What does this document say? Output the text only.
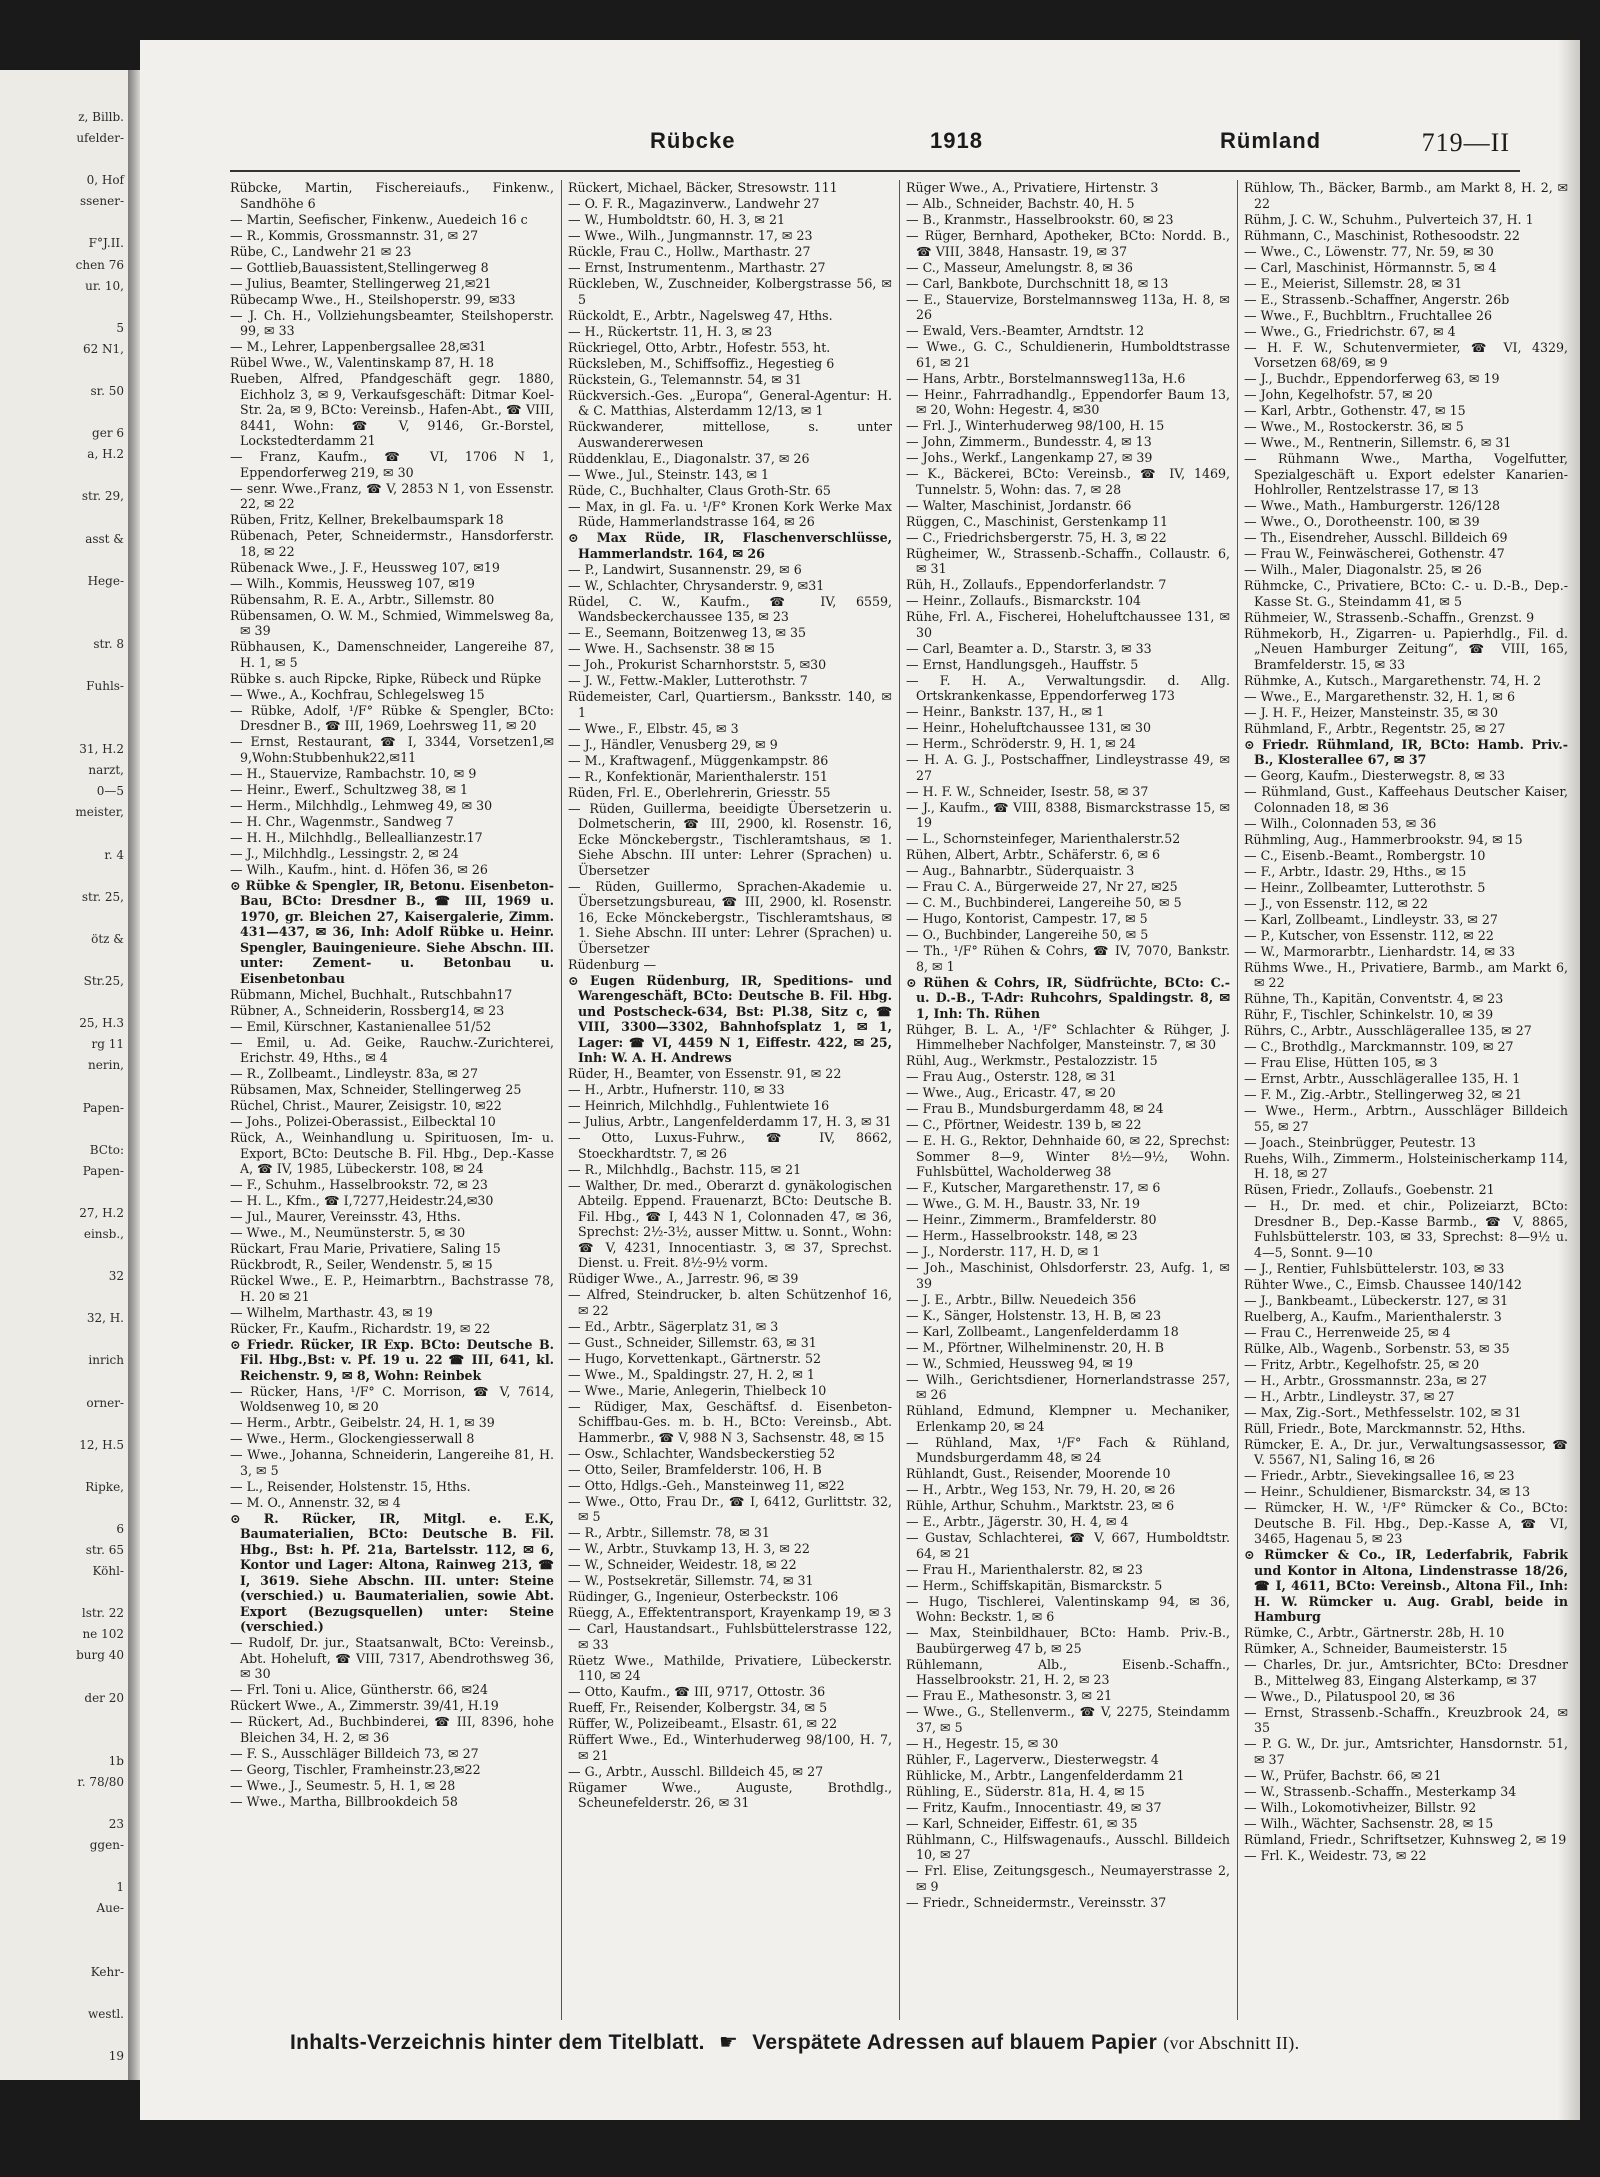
z, Billb.
ufelder-
0, Hof
ssener-
F°J.II.
chen 76
ur. 10,
5
62 N1,
sr. 50
ger 6
a, H.2
str. 29,
asst &
Hege-
str. 8
Fuhls-
31, H.2
narzt,
0—5
meister,
r. 4
str. 25,
ötz &
Str.25,
25, H.3
rg 11
nerin,
Papen-
BCto:
Papen-
27, H.2
einsb.,
32
32, H.
inrich
orner-
12, H.5
Ripke,
6
str. 65
Köhl-
lstr. 22
ne 102
burg 40
der 20
1b
r. 78/80
23
ggen-
1
Aue-
Kehr-
westl.
19
Rübcke	1918	Rümland	719—II
Rübcke, Martin, Fischereiaufs., Finkenw., Sandhöhe 6
— Martin, Seefischer, Finkenw., Auedeich 16 c
— R., Kommis, Grossmannstr. 31, ✉ 27
Rübe, C., Landwehr 21 ✉ 23
— Gottlieb,Bauassistent,Stellingerweg 8
— Julius, Beamter, Stellingerweg 21,✉21
Rübecamp Wwe., H., Steilshoperstr. 99, ✉33
— J. Ch. H., Vollziehungsbeamter, Steilshoperstr. 99, ✉ 33
— M., Lehrer, Lappenbergsallee 28,✉31
Rübel Wwe., W., Valentinskamp 87, H. 18
Rueben, Alfred, Pfandgeschäft gegr. 1880, Eichholz 3, ✉ 9, Verkaufsgeschäft: Ditmar Koel-Str. 2a, ✉ 9, BCto: Vereinsb., Hafen-Abt., ☎ VIII, 8441, Wohn: ☎ V, 9146, Gr.-Borstel, Lockstedterdamm 21
— Franz, Kaufm., ☎ VI, 1706 N 1, Eppendorferweg 219, ✉ 30
— senr. Wwe.,Franz, ☎ V, 2853 N 1, von Essenstr. 22, ✉ 22
Rüben, Fritz, Kellner, Brekelbaumspark 18
Rübenach, Peter, Schneidermstr., Hansdorferstr. 18, ✉ 22
Rübenack Wwe., J. F., Heussweg 107, ✉19
— Wilh., Kommis, Heussweg 107, ✉19
Rübensahm, R. E. A., Arbtr., Sillemstr. 80
Rübensamen, O. W. M., Schmied, Wimmelsweg 8a, ✉ 39
Rübhausen, K., Damenschneider, Langereihe 87, H. 1, ✉ 5
Rübke s. auch Ripcke, Ripke, Rübeck und Rüpke
— Wwe., A., Kochfrau, Schlegelsweg 15
— Rübke, Adolf, ¹/F° Rübke & Spengler, BCto: Dresdner B., ☎ III, 1969, Loehrsweg 11, ✉ 20
— Ernst, Restaurant, ☎ I, 3344, Vorsetzen1,✉9,Wohn:Stubbenhuk22,✉11
— H., Stauervize, Rambachstr. 10, ✉ 9
— Heinr., Ewerf., Schultzweg 38, ✉ 1
— Herm., Milchhdlg., Lehmweg 49, ✉ 30
— H. Chr., Wagenmstr., Sandweg 7
— H. H., Milchhdlg., Belleallianzestr.17
— J., Milchhdlg., Lessingstr. 2, ✉ 24
— Wilh., Kaufm., hint. d. Höfen 36, ✉ 26
⊙ Rübke & Spengler, IR, Betonu. Eisenbeton-Bau, BCto: Dresdner B., ☎ III, 1969 u. 1970, gr. Bleichen 27, Kaisergalerie, Zimm. 431—437, ✉ 36, Inh: Adolf Rübke u. Heinr. Spengler, Bauingenieure. Siehe Abschn. III. unter: Zement- u. Betonbau u. Eisenbetonbau
Rübmann, Michel, Buchhalt., Rutschbahn17
Rübner, A., Schneiderin, Rossberg14, ✉ 23
— Emil, Kürschner, Kastanienallee 51/52
— Emil, u. Ad. Geike, Rauchw.-Zurichterei, Erichstr. 49, Hths., ✉ 4
— R., Zollbeamt., Lindleystr. 83a, ✉ 27
Rübsamen, Max, Schneider, Stellingerweg 25
Rüchel, Christ., Maurer, Zeisigstr. 10, ✉22
— Johs., Polizei-Oberassist., Eilbecktal 10
Rück, A., Weinhandlung u. Spirituosen, Im- u. Export, BCto: Deutsche B. Fil. Hbg., Dep.-Kasse A, ☎ IV, 1985, Lübeckerstr. 108, ✉ 24
— F., Schuhm., Hasselbrookstr. 72, ✉ 23
— H. L., Kfm., ☎ I,7277,Heidestr.24,✉30
— Jul., Maurer, Vereinsstr. 43, Hths.
— Wwe., M., Neumünsterstr. 5, ✉ 30
Rückart, Frau Marie, Privatiere, Saling 15
Rückbrodt, R., Seiler, Wendenstr. 5, ✉ 15
Rückel Wwe., E. P., Heimarbtrn., Bachstrasse 78, H. 20 ✉ 21
— Wilhelm, Marthastr. 43, ✉ 19
Rücker, Fr., Kaufm., Richardstr. 19, ✉ 22
⊙ Friedr. Rücker, IR Exp. BCto: Deutsche B. Fil. Hbg.,Bst: v. Pf. 19 u. 22 ☎ III, 641, kl. Reichenstr. 9, ✉ 8, Wohn: Reinbek
— Rücker, Hans, ¹/F° C. Morrison, ☎ V, 7614, Woldsenweg 10, ✉ 20
— Herm., Arbtr., Geibelstr. 24, H. 1, ✉ 39
— Wwe., Herm., Glockengiesserwall 8
— Wwe., Johanna, Schneiderin, Langereihe 81, H. 3, ✉ 5
— L., Reisender, Holstenstr. 15, Hths.
— M. O., Annenstr. 32, ✉ 4
⊙ R. Rücker, IR, Mitgl. e. E.K, Baumaterialien, BCto: Deutsche B. Fil. Hbg., Bst: h. Pf. 21a, Bartelsstr. 112, ✉ 6, Kontor und Lager: Altona, Rainweg 213, ☎ I, 3619. Siehe Abschn. III. unter: Steine (verschied.) u. Baumaterialien, sowie Abt. Export (Bezugsquellen) unter: Steine (verschied.)
— Rudolf, Dr. jur., Staatsanwalt, BCto: Vereinsb., Abt. Hoheluft, ☎ VIII, 7317, Abendrothsweg 36, ✉ 30
— Frl. Toni u. Alice, Güntherstr. 66, ✉24
Rückert Wwe., A., Zimmerstr. 39/41, H.19
— Rückert, Ad., Buchbinderei, ☎ III, 8396, hohe Bleichen 34, H. 2, ✉ 36
— F. S., Ausschläger Billdeich 73, ✉ 27
— Georg, Tischler, Framheinstr.23,✉22
— Wwe., J., Seumestr. 5, H. 1, ✉ 28
— Wwe., Martha, Billbrookdeich 58
Rückert, Michael, Bäcker, Stresowstr. 111
— O. F. R., Magazinverw., Landwehr 27
— W., Humboldtstr. 60, H. 3, ✉ 21
— Wwe., Wilh., Jungmannstr. 17, ✉ 23
Rückle, Frau C., Hollw., Marthastr. 27
— Ernst, Instrumentenm., Marthastr. 27
Rückleben, W., Zuschneider, Kolbergstrasse 56, ✉ 5
Rückoldt, E., Arbtr., Nagelsweg 47, Hths.
— H., Rückertstr. 11, H. 3, ✉ 23
Rückriegel, Otto, Arbtr., Hofestr. 553, ht.
Rücksleben, M., Schiffsoffiz., Hegestieg 6
Rückstein, G., Telemannstr. 54, ✉ 31
Rückversich.-Ges. „Europa“, General-Agentur: H. & C. Matthias, Alsterdamm 12/13, ✉ 1
Rückwanderer, mittellose, s. unter Auswandererwesen
Rüddenklau, E., Diagonalstr. 37, ✉ 26
— Wwe., Jul., Steinstr. 143, ✉ 1
Rüde, C., Buchhalter, Claus Groth-Str. 65
— Max, in gl. Fa. u. ¹/F° Kronen Kork Werke Max Rüde, Hammerlandstrasse 164, ✉ 26
⊙ Max Rüde, IR, Flaschenverschlüsse, Hammerlandstr. 164, ✉ 26
— P., Landwirt, Susannenstr. 29, ✉ 6
— W., Schlachter, Chrysanderstr. 9, ✉31
Rüdel, C. W., Kaufm., ☎ IV, 6559, Wandsbeckerchaussee 135, ✉ 23
— E., Seemann, Boitzenweg 13, ✉ 35
— Wwe. H., Sachsenstr. 38 ✉ 15
— Joh., Prokurist Scharnhorststr. 5, ✉30
— J. W., Fettw.-Makler, Lutterothstr. 7
Rüdemeister, Carl, Quartiersm., Banksstr. 140, ✉ 1
— Wwe., F., Elbstr. 45, ✉ 3
— J., Händler, Venusberg 29, ✉ 9
— M., Kraftwagenf., Müggenkampstr. 86
— R., Konfektionär, Marienthalerstr. 151
Rüden, Frl. E., Oberlehrerin, Griesstr. 55
— Rüden, Guillerma, beeidigte Übersetzerin u. Dolmetscherin, ☎ III, 2900, kl. Rosenstr. 16, Ecke Mönckebergstr., Tischleramtshaus, ✉ 1. Siehe Abschn. III unter: Lehrer (Sprachen) u. Übersetzer
— Rüden, Guillermo, Sprachen-Akademie u. Übersetzungsbureau, ☎ III, 2900, kl. Rosenstr. 16, Ecke Mönckebergstr., Tischleramtshaus, ✉ 1. Siehe Abschn. III unter: Lehrer (Sprachen) u. Übersetzer
Rüdenburg —
⊙ Eugen Rüdenburg, IR, Speditions- und Warengeschäft, BCto: Deutsche B. Fil. Hbg. und Postscheck-634, Bst: Pl.38, Sitz c, ☎ VIII, 3300—3302, Bahnhofsplatz 1, ✉ 1, Lager: ☎ VI, 4459 N 1, Eiffestr. 422, ✉ 25, Inh: W. A. H. Andrews
Rüder, H., Beamter, von Essenstr. 91, ✉ 22
— H., Arbtr., Hufnerstr. 110, ✉ 33
— Heinrich, Milchhdlg., Fuhlentwiete 16
— Julius, Arbtr., Langenfelderdamm 17, H. 3, ✉ 31
— Otto, Luxus-Fuhrw., ☎ IV, 8662, Stoeckhardtstr. 7, ✉ 26
— R., Milchhdlg., Bachstr. 115, ✉ 21
— Walther, Dr. med., Oberarzt d. gynäkologischen Abteilg. Eppend. Frauenarzt, BCto: Deutsche B. Fil. Hbg., ☎ I, 443 N 1, Colonnaden 47, ✉ 36, Sprechst: 2½-3½, ausser Mittw. u. Sonnt., Wohn: ☎ V, 4231, Innocentiastr. 3, ✉ 37, Sprechst. Dienst. u. Freit. 8½-9½ vorm.
Rüdiger Wwe., A., Jarrestr. 96, ✉ 39
— Alfred, Steindrucker, b. alten Schützenhof 16, ✉ 22
— Ed., Arbtr., Sägerplatz 31, ✉ 3
— Gust., Schneider, Sillemstr. 63, ✉ 31
— Hugo, Korvettenkapt., Gärtnerstr. 52
— Wwe., M., Spaldingstr. 27, H. 2, ✉ 1
— Wwe., Marie, Anlegerin, Thielbeck 10
— Rüdiger, Max, Geschäftsf. d. Eisenbeton-Schiffbau-Ges. m. b. H., BCto: Vereinsb., Abt. Hammerbr., ☎ V, 988 N 3, Sachsenstr. 48, ✉ 15
— Osw., Schlachter, Wandsbeckerstieg 52
— Otto, Seiler, Bramfelderstr. 106, H. B
— Otto, Hdlgs.-Geh., Mansteinweg 11, ✉22
— Wwe., Otto, Frau Dr., ☎ I, 6412, Gurlittstr. 32, ✉ 5
— R., Arbtr., Sillemstr. 78, ✉ 31
— W., Arbtr., Stuvkamp 13, H. 3, ✉ 22
— W., Schneider, Weidestr. 18, ✉ 22
— W., Postsekretär, Sillemstr. 74, ✉ 31
Rüdinger, G., Ingenieur, Osterbeckstr. 106
Rüegg, A., Effektentransport, Krayenkamp 19, ✉ 3
— Carl, Haustandsart., Fuhlsbüttelerstrasse 122, ✉ 33
Rüetz Wwe., Mathilde, Privatiere, Lübeckerstr. 110, ✉ 24
— Otto, Kaufm., ☎ III, 9717, Ottostr. 36
Rueff, Fr., Reisender, Kolbergstr. 34, ✉ 5
Rüffer, W., Polizeibeamt., Elsastr. 61, ✉ 22
Rüffert Wwe., Ed., Winterhuderweg 98/100, H. 7, ✉ 21
— G., Arbtr., Ausschl. Billdeich 45, ✉ 27
Rügamer Wwe., Auguste, Brothdlg., Scheunefelderstr. 26, ✉ 31
Rüger Wwe., A., Privatiere, Hirtenstr. 3
— Alb., Schneider, Bachstr. 40, H. 5
— B., Kranmstr., Hasselbrookstr. 60, ✉ 23
— Rüger, Bernhard, Apotheker, BCto: Nordd. B., ☎ VIII, 3848, Hansastr. 19, ✉ 37
— C., Masseur, Amelungstr. 8, ✉ 36
— Carl, Bankbote, Durchschnitt 18, ✉ 13
— E., Stauervize, Borstelmannsweg 113a, H. 8, ✉ 26
— Ewald, Vers.-Beamter, Arndtstr. 12
— Wwe., G. C., Schuldienerin, Humboldtstrasse 61, ✉ 21
— Hans, Arbtr., Borstelmannsweg113a, H.6
— Heinr., Fahrradhandlg., Eppendorfer Baum 13, ✉ 20, Wohn: Hegestr. 4, ✉30
— Frl. J., Winterhuderweg 98/100, H. 15
— John, Zimmerm., Bundesstr. 4, ✉ 13
— Johs., Werkf., Langenkamp 27, ✉ 39
— K., Bäckerei, BCto: Vereinsb., ☎ IV, 1469, Tunnelstr. 5, Wohn: das. 7, ✉ 28
— Walter, Maschinist, Jordanstr. 66
Rüggen, C., Maschinist, Gerstenkamp 11
— C., Friedrichsbergerstr. 75, H. 3, ✉ 22
Rügheimer, W., Strassenb.-Schaffn., Collaustr. 6, ✉ 31
Rüh, H., Zollaufs., Eppendorferlandstr. 7
— Heinr., Zollaufs., Bismarckstr. 104
Rühe, Frl. A., Fischerei, Hoheluftchaussee 131, ✉ 30
— Carl, Beamter a. D., Starstr. 3, ✉ 33
— Ernst, Handlungsgeh., Hauffstr. 5
— F. H. A., Verwaltungsdir. d. Allg. Ortskrankenkasse, Eppendorferweg 173
— Heinr., Bankstr. 137, H., ✉ 1
— Heinr., Hoheluftchaussee 131, ✉ 30
— Herm., Schröderstr. 9, H. 1, ✉ 24
— H. A. G. J., Postschaffner, Lindleystrasse 49, ✉ 27
— H. F. W., Schneider, Isestr. 58, ✉ 37
— J., Kaufm., ☎ VIII, 8388, Bismarckstrasse 15, ✉ 19
— L., Schornsteinfeger, Marienthalerstr.52
Rühen, Albert, Arbtr., Schäferstr. 6, ✉ 6
— Aug., Bahnarbtr., Süderquaistr. 3
— Frau C. A., Bürgerweide 27, Nr 27, ✉25
— C. M., Buchbinderei, Langereihe 50, ✉ 5
— Hugo, Kontorist, Campestr. 17, ✉ 5
— O., Buchbinder, Langereihe 50, ✉ 5
— Th., ¹/F° Rühen & Cohrs, ☎ IV, 7070, Bankstr. 8, ✉ 1
⊙ Rühen & Cohrs, IR, Südfrüchte, BCto: C.- u. D.-B., T-Adr: Ruhcohrs, Spaldingstr. 8, ✉ 1, Inh: Th. Rühen
Rühger, B. L. A., ¹/F° Schlachter & Rühger, J. Himmelheber Nachfolger, Mansteinstr. 7, ✉ 30
Rühl, Aug., Werkmstr., Pestalozzistr. 15
— Frau Aug., Osterstr. 128, ✉ 31
— Wwe., Aug., Ericastr. 47, ✉ 20
— Frau B., Mundsburgerdamm 48, ✉ 24
— C., Pförtner, Weidestr. 139 b, ✉ 22
— E. H. G., Rektor, Dehnhaide 60, ✉ 22, Sprechst: Sommer 8—9, Winter 8½—9½, Wohn. Fuhlsbüttel, Wacholderweg 38
— F., Kutscher, Margarethenstr. 17, ✉ 6
— Wwe., G. M. H., Baustr. 33, Nr. 19
— Heinr., Zimmerm., Bramfelderstr. 80
— Herm., Hasselbrookstr. 148, ✉ 23
— J., Norderstr. 117, H. D, ✉ 1
— Joh., Maschinist, Ohlsdorferstr. 23, Aufg. 1, ✉ 39
— J. E., Arbtr., Billw. Neuedeich 356
— K., Sänger, Holstenstr. 13, H. B, ✉ 23
— Karl, Zollbeamt., Langenfelderdamm 18
— M., Pförtner, Wilhelminenstr. 20, H. B
— W., Schmied, Heussweg 94, ✉ 19
— Wilh., Gerichtsdiener, Hornerlandstrasse 257, ✉ 26
Rühland, Edmund, Klempner u. Mechaniker, Erlenkamp 20, ✉ 24
— Rühland, Max, ¹/F° Fach & Rühland, Mundsburgerdamm 48, ✉ 24
Rühlandt, Gust., Reisender, Moorende 10
— H., Arbtr., Weg 153, Nr. 79, H. 20, ✉ 26
Rühle, Arthur, Schuhm., Marktstr. 23, ✉ 6
— E., Arbtr., Jägerstr. 30, H. 4, ✉ 4
— Gustav, Schlachterei, ☎ V, 667, Humboldtstr. 64, ✉ 21
— Frau H., Marienthalerstr. 82, ✉ 23
— Herm., Schiffskapitän, Bismarckstr. 5
— Hugo, Tischlerei, Valentinskamp 94, ✉ 36, Wohn: Beckstr. 1, ✉ 6
— Max, Steinbildhauer, BCto: Hamb. Priv.-B., Baubürgerweg 47 b, ✉ 25
Rühlemann, Alb., Eisenb.-Schaffn., Hasselbrookstr. 21, H. 2, ✉ 23
— Frau E., Mathesonstr. 3, ✉ 21
— Wwe., G., Stellenverm., ☎ V, 2275, Steindamm 37, ✉ 5
— H., Hegestr. 15, ✉ 30
Rühler, F., Lagerverw., Diesterwegstr. 4
Rühlicke, M., Arbtr., Langenfelderdamm 21
Rühling, E., Süderstr. 81a, H. 4, ✉ 15
— Fritz, Kaufm., Innocentiastr. 49, ✉ 37
— Karl, Schneider, Eiffestr. 61, ✉ 35
Rühlmann, C., Hilfswagenaufs., Ausschl. Billdeich 10, ✉ 27
— Frl. Elise, Zeitungsgesch., Neumayerstrasse 2, ✉ 9
— Friedr., Schneidermstr., Vereinsstr. 37
Rühlow, Th., Bäcker, Barmb., am Markt 8, H. 2, ✉ 22
Rühm, J. C. W., Schuhm., Pulverteich 37, H. 1
Rühmann, C., Maschinist, Rothesoodstr. 22
— Wwe., C., Löwenstr. 77, Nr. 59, ✉ 30
— Carl, Maschinist, Hörmannstr. 5, ✉ 4
— E., Meierist, Sillemstr. 28, ✉ 31
— E., Strassenb.-Schaffner, Angerstr. 26b
— Wwe., F., Buchbltrn., Fruchtallee 26
— Wwe., G., Friedrichstr. 67, ✉ 4
— H. F. W., Schutenvermieter, ☎ VI, 4329, Vorsetzen 68/69, ✉ 9
— J., Buchdr., Eppendorferweg 63, ✉ 19
— John, Kegelhofstr. 57, ✉ 20
— Karl, Arbtr., Gothenstr. 47, ✉ 15
— Wwe., M., Rostockerstr. 36, ✉ 5
— Wwe., M., Rentnerin, Sillemstr. 6, ✉ 31
— Rühmann Wwe., Martha, Vogelfutter, Spezialgeschäft u. Export edelster Kanarien-Hohlroller, Rentzelstrasse 17, ✉ 13
— Wwe., Math., Hamburgerstr. 126/128
— Wwe., O., Dorotheenstr. 100, ✉ 39
— Th., Eisendreher, Ausschl. Billdeich 69
— Frau W., Feinwäscherei, Gothenstr. 47
— Wilh., Maler, Diagonalstr. 25, ✉ 26
Rühmcke, C., Privatiere, BCto: C.- u. D.-B., Dep.-Kasse St. G., Steindamm 41, ✉ 5
Rühmeier, W., Strassenb.-Schaffn., Grenzst. 9
Rühmekorb, H., Zigarren- u. Papierhdlg., Fil. d. „Neuen Hamburger Zeitung“, ☎ VIII, 165, Bramfelderstr. 15, ✉ 33
Rühmke, A., Kutsch., Margarethenstr. 74, H. 2
— Wwe., E., Margarethenstr. 32, H. 1, ✉ 6
— J. H. F., Heizer, Mansteinstr. 35, ✉ 30
Rühmland, F., Arbtr., Regentstr. 25, ✉ 27
⊙ Friedr. Rühmland, IR, BCto: Hamb. Priv.-B., Klosterallee 67, ✉ 37
— Georg, Kaufm., Diesterwegstr. 8, ✉ 33
— Rühmland, Gust., Kaffeehaus Deutscher Kaiser, Colonnaden 18, ✉ 36
— Wilh., Colonnaden 53, ✉ 36
Rühmling, Aug., Hammerbrookstr. 94, ✉ 15
— C., Eisenb.-Beamt., Rombergstr. 10
— F., Arbtr., Idastr. 29, Hths., ✉ 15
— Heinr., Zollbeamter, Lutterothstr. 5
— J., von Essenstr. 112, ✉ 22
— Karl, Zollbeamt., Lindleystr. 33, ✉ 27
— P., Kutscher, von Essenstr. 112, ✉ 22
— W., Marmorarbtr., Lienhardstr. 14, ✉ 33
Rühms Wwe., H., Privatiere, Barmb., am Markt 6, ✉ 22
Rühne, Th., Kapitän, Conventstr. 4, ✉ 23
Rühr, F., Tischler, Schinkelstr. 10, ✉ 39
Rührs, C., Arbtr., Ausschlägerallee 135, ✉ 27
— C., Brothdlg., Marckmannstr. 109, ✉ 27
— Frau Elise, Hütten 105, ✉ 3
— Ernst, Arbtr., Ausschlägerallee 135, H. 1
— F. M., Zig.-Arbtr., Stellingerweg 32, ✉ 21
— Wwe., Herm., Arbtrn., Ausschläger Billdeich 55, ✉ 27
— Joach., Steinbrügger, Peutestr. 13
Ruehs, Wilh., Zimmerm., Holsteinischerkamp 114, H. 18, ✉ 27
Rüsen, Friedr., Zollaufs., Goebenstr. 21
— H., Dr. med. et chir., Polizeiarzt, BCto: Dresdner B., Dep.-Kasse Barmb., ☎ V, 8865, Fuhlsbüttelerstr. 103, ✉ 33, Sprechst: 8—9½ u. 4—5, Sonnt. 9—10
— J., Rentier, Fuhlsbüttelerstr. 103, ✉ 33
Rühter Wwe., C., Eimsb. Chaussee 140/142
— J., Bankbeamt., Lübeckerstr. 127, ✉ 31
Ruelberg, A., Kaufm., Marienthalerstr. 3
— Frau C., Herrenweide 25, ✉ 4
Rülke, Alb., Wagenb., Sorbenstr. 53, ✉ 35
— Fritz, Arbtr., Kegelhofstr. 25, ✉ 20
— H., Arbtr., Grossmannstr. 23a, ✉ 27
— H., Arbtr., Lindleystr. 37, ✉ 27
— Max, Zig.-Sort., Methfesselstr. 102, ✉ 31
Rüll, Friedr., Bote, Marckmannstr. 52, Hths.
Rümcker, E. A., Dr. jur., Verwaltungsassessor, ☎ V. 5567, N1, Saling 16, ✉ 26
— Friedr., Arbtr., Sievekingsallee 16, ✉ 23
— Heinr., Schuldiener, Bismarckstr. 34, ✉ 13
— Rümcker, H. W., ¹/F° Rümcker & Co., BCto: Deutsche B. Fil. Hbg., Dep.-Kasse A, ☎ VI, 3465, Hagenau 5, ✉ 23
⊙ Rümcker & Co., IR, Lederfabrik, Fabrik und Kontor in Altona, Lindenstrasse 18/26, ☎ I, 4611, BCto: Vereinsb., Altona Fil., Inh: H. W. Rümcker u. Aug. Grabl, beide in Hamburg
Rümke, C., Arbtr., Gärtnerstr. 28b, H. 10
Rümker, A., Schneider, Baumeisterstr. 15
— Charles, Dr. jur., Amtsrichter, BCto: Dresdner B., Mittelweg 83, Eingang Alsterkamp, ✉ 37
— Wwe., D., Pilatuspool 20, ✉ 36
— Ernst, Strassenb.-Schaffn., Kreuzbrook 24, ✉ 35
— P. G. W., Dr. jur., Amtsrichter, Hansdornstr. 51, ✉ 37
— W., Prüfer, Bachstr. 66, ✉ 21
— W., Strassenb.-Schaffn., Mesterkamp 34
— Wilh., Lokomotivheizer, Billstr. 92
— Wilh., Wächter, Sachsenstr. 28, ✉ 15
Rümland, Friedr., Schriftsetzer, Kuhnsweg 2, ✉ 19
— Frl. K., Weidestr. 73, ✉ 22
Inhalts-Verzeichnis hinter dem Titelblatt. ☛ Verspätete Adressen auf blauem Papier (vor Abschnitt II).
